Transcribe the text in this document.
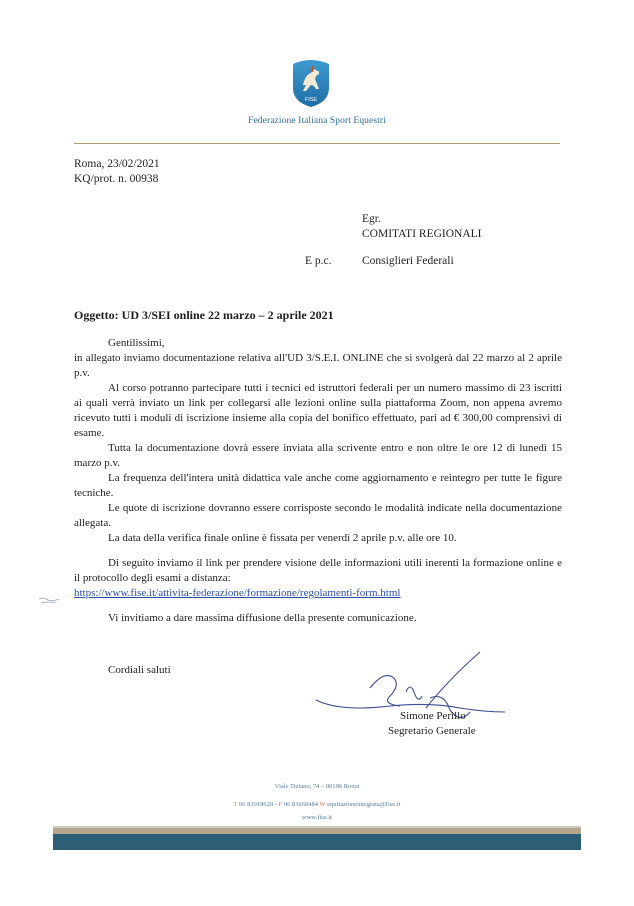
FISE
Federazione Italiana Sport Equestri
Roma, 23/02/2021
KQ/prot. n. 00938
Egr.
COMITATI REGIONALI
E p.c.	Consiglieri Federali
Oggetto: UD 3/SEI online 22 marzo – 2 aprile 2021

Gentilissimi,

in allegato inviamo documentazione relativa all'UD 3/S.E.I. ONLINE che si svolgerà dal 22 marzo al 2 aprile p.v.

Al corso potranno partecipare tutti i tecnici ed istruttori federali per un numero massimo di 23 iscritti ai quali verrà inviato un link per collegarsi alle lezioni online sulla piattaforma Zoom, non appena avremo ricevuto tutti i moduli di iscrizione insieme alla copia del bonifico effettuato, pari ad € 300,00 comprensivi di esame.

Tutta la documentazione dovrà essere inviata alla scrivente entro e non oltre le ore 12 di lunedì 15 marzo p.v.

La frequenza dell'intera unità didattica vale anche come aggiornamento e reintegro per tutte le figure tecniche.

Le quote di iscrizione dovranno essere corrisposte secondo le modalità indicate nella documentazione allegata.

La data della verifica finale online è fissata per venerdì 2 aprile p.v. alle ore 10.

Di seguito inviamo il link per prendere visione delle informazioni utili inerenti la formazione online e il protocollo degli esami a distanza:

https://www.fise.it/attivita-federazione/formazione/regolamenti-form.html

Vi invitiamo a dare massima diffusione della presente comunicazione.

Cordiali saluti
Simone Perillo
Segretario Generale
Viale Tiziano, 74 – 00196 Roma
T 06 83918628 - F 06 83668484 W equitazioneintegrata@fise.it
www.fise.it
